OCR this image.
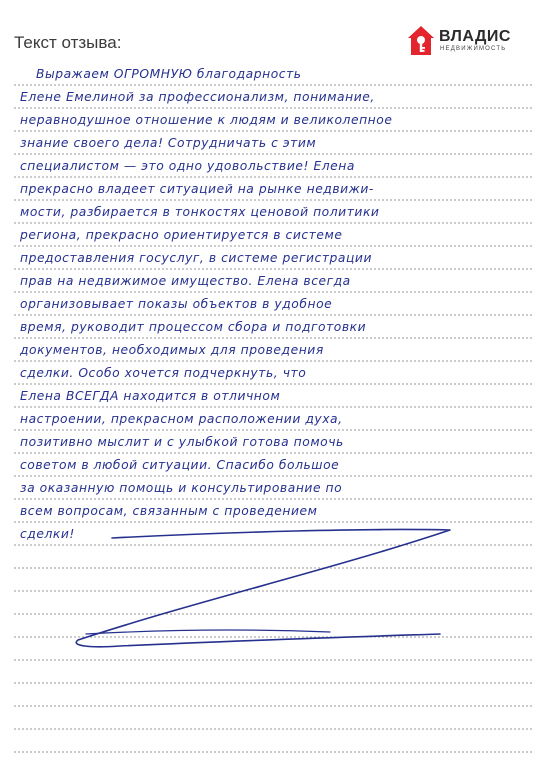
Текст отзыва:	ВЛАДИС
НЕДВИЖИМОСТЬ
Выражаем ОГРОМНУЮ благодарность
Елене Емелиной за профессионализм, понимание,
неравнодушное отношение к людям и великолепное
знание своего дела! Сотрудничать с этим
специалистом — это одно удовольствие! Елена
прекрасно владеет ситуацией на рынке недвижи-
мости, разбирается в тонкостях ценовой политики
региона, прекрасно ориентируется в системе
предоставления госуслуг, в системе регистрации
прав на недвижимое имущество. Елена всегда
организовывает показы объектов в удобное
время, руководит процессом сбора и подготовки
документов, необходимых для проведения
сделки. Особо хочется подчеркнуть, что
Елена ВСЕГДА находится в отличном
настроении, прекрасном расположении духа,
позитивно мыслит и с улыбкой готова помочь
советом в любой ситуации. Спасибо большое
за оказанную помощь и консультирование по
всем вопросам, связанным с проведением
сделки!
